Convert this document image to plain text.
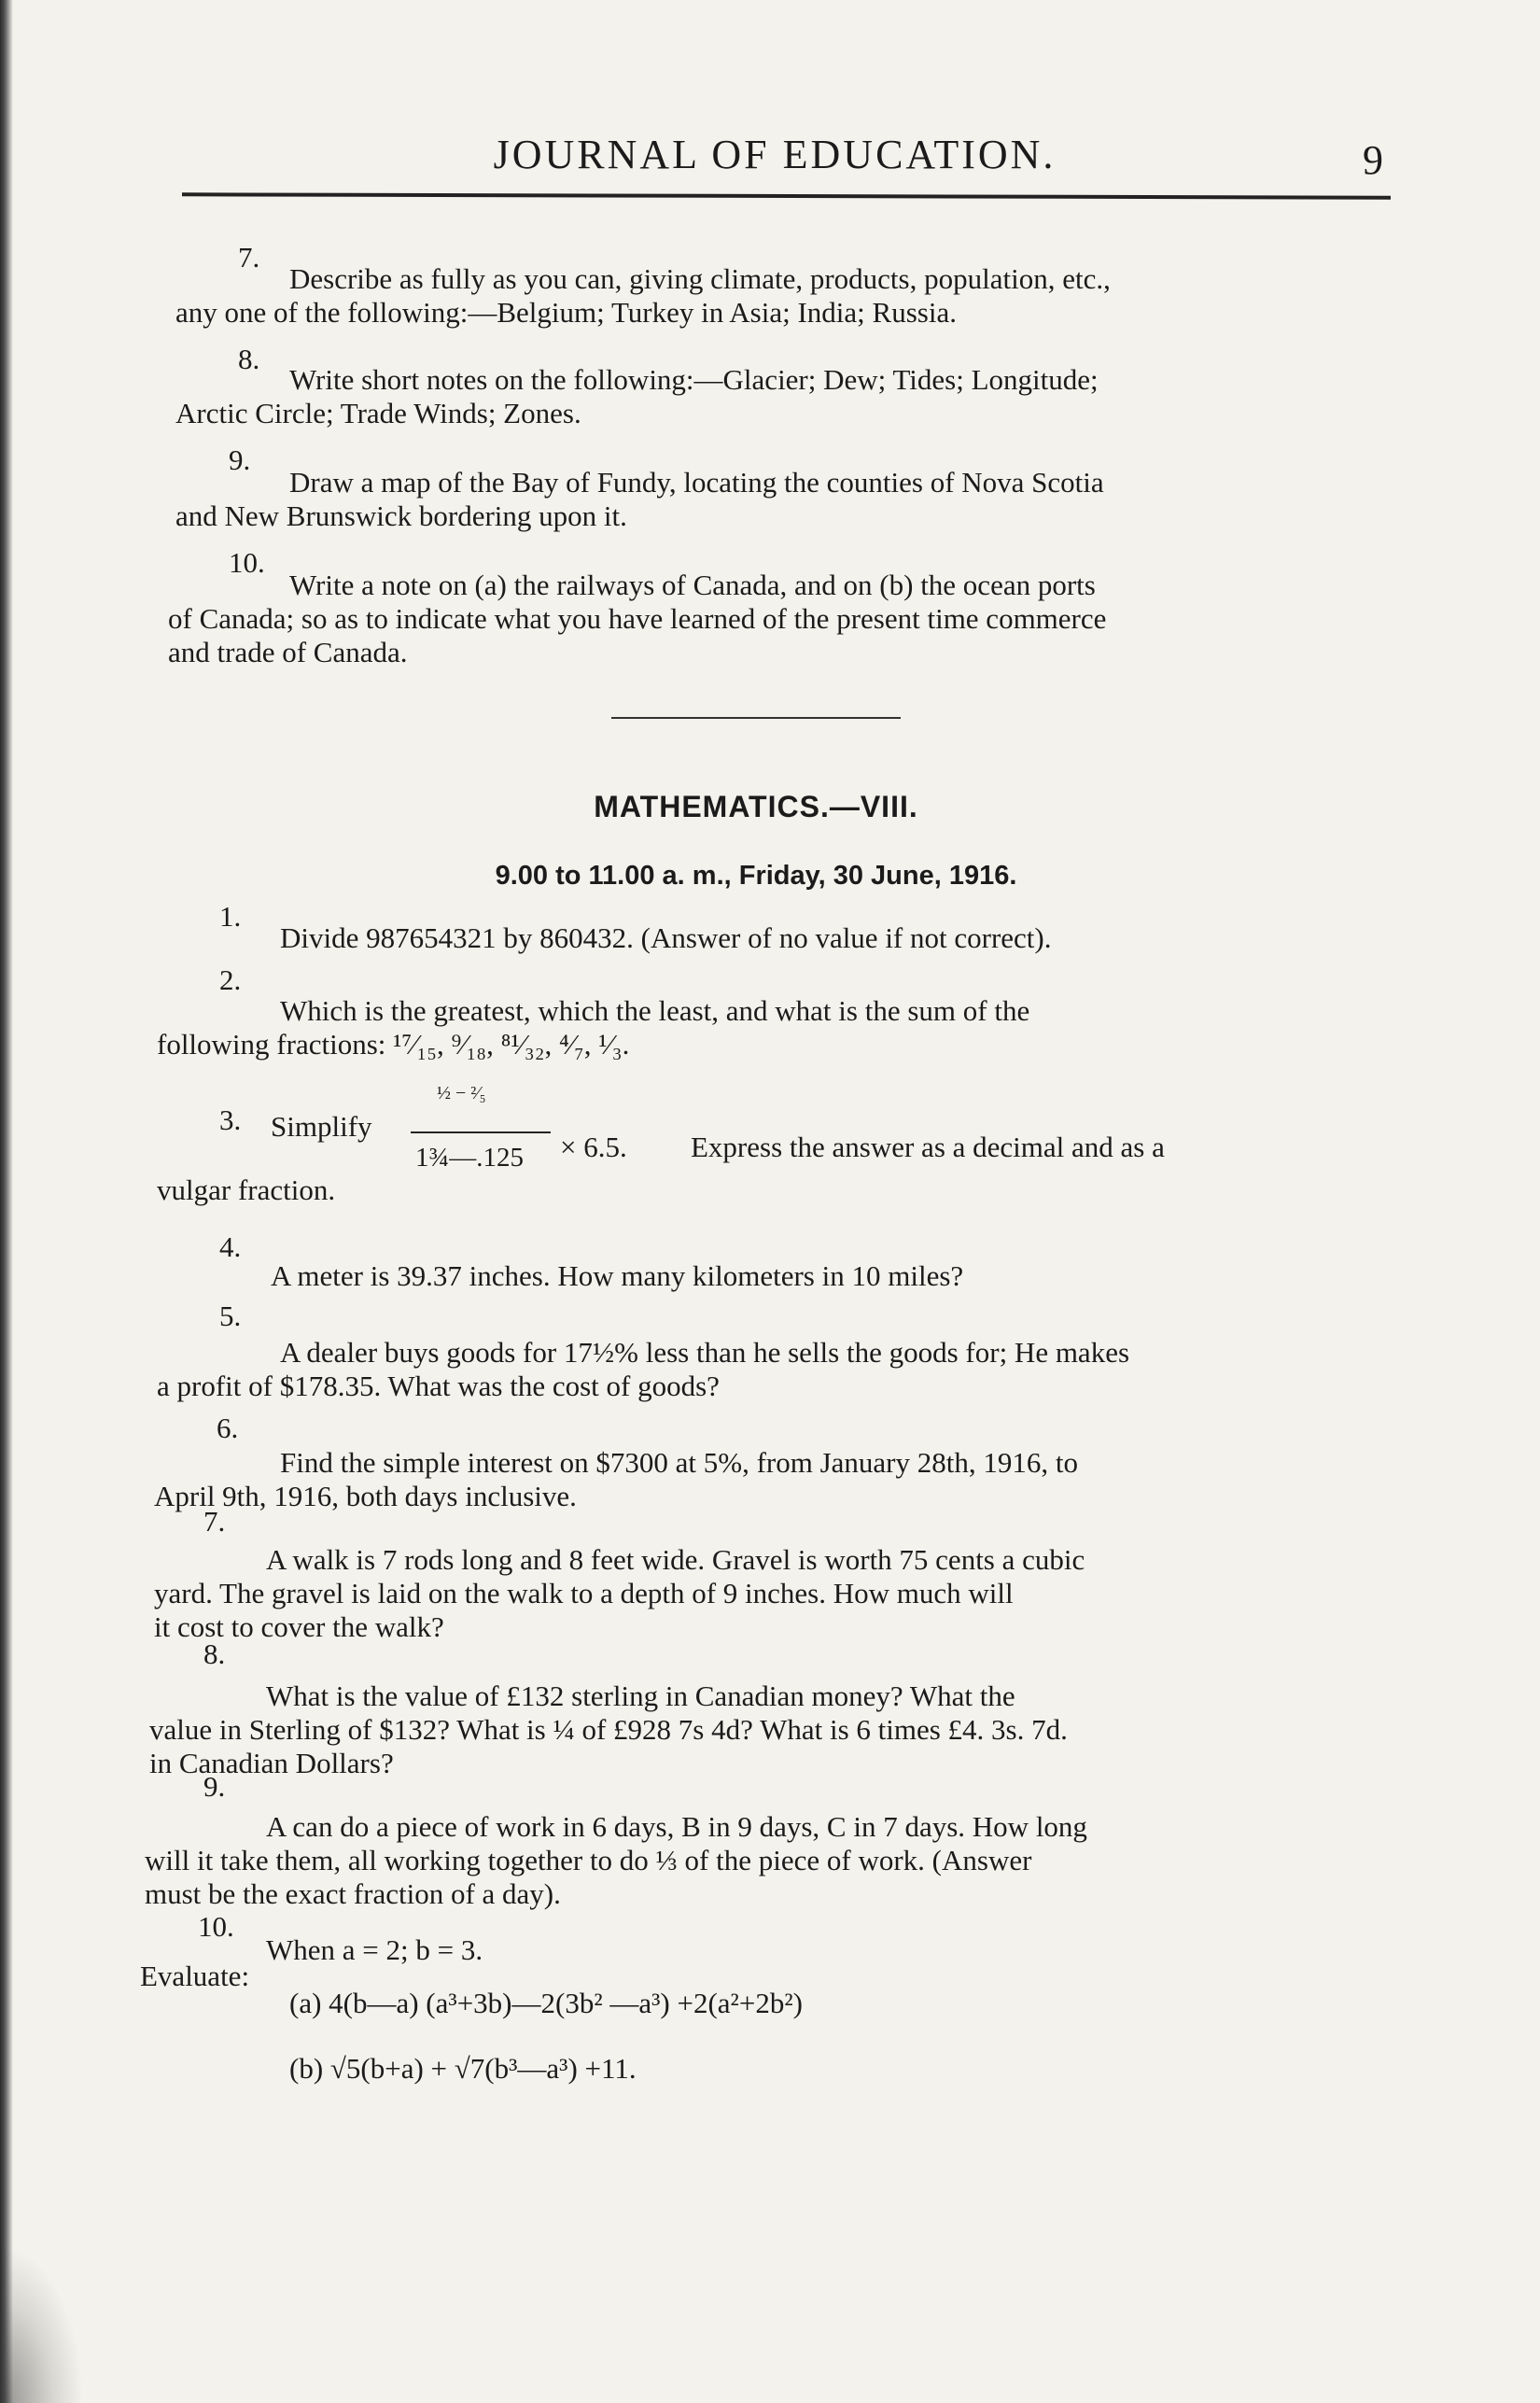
JOURNAL OF EDUCATION.	9
7.
Describe as fully as you can, giving climate, products, population, etc.,
any one of the following:—Belgium; Turkey in Asia; India; Russia.
8.
Write short notes on the following:—Glacier; Dew; Tides; Longitude;
Arctic Circle; Trade Winds; Zones.
9.
Draw a map of the Bay of Fundy, locating the counties of Nova Scotia
and New Brunswick bordering upon it.
10.
Write a note on (a) the railways of Canada, and on (b) the ocean ports
of Canada; so as to indicate what you have learned of the present time commerce
and trade of Canada.
MATHEMATICS.—VIII.
9.00 to 11.00 a. m., Friday, 30 June, 1916.
1.
Divide 987654321 by 860432. (Answer of no value if not correct).
2.
Which is the greatest, which the least, and what is the sum of the
following fractions: ¹⁷⁄₁₅, ⁹⁄₁₈, ⁸¹⁄₃₂, ⁴⁄₇, ¹⁄₃.
3. Simplify
½ − ²⁄₅
1¾—.125 × 6.5. Express the answer as a decimal and as a
vulgar fraction.
4.
A meter is 39.37 inches. How many kilometers in 10 miles?
5.
A dealer buys goods for 17½% less than he sells the goods for; He makes
a profit of $178.35. What was the cost of goods?
6.
Find the simple interest on $7300 at 5%, from January 28th, 1916, to
April 9th, 1916, both days inclusive.
7.
A walk is 7 rods long and 8 feet wide. Gravel is worth 75 cents a cubic
yard. The gravel is laid on the walk to a depth of 9 inches. How much will
it cost to cover the walk?
8.
What is the value of £132 sterling in Canadian money? What the
value in Sterling of $132? What is ¼ of £928 7s 4d? What is 6 times £4. 3s. 7d.
in Canadian Dollars?
9.
A can do a piece of work in 6 days, B in 9 days, C in 7 days. How long
will it take them, all working together to do ⅓ of the piece of work. (Answer
must be the exact fraction of a day).
10.
When a = 2; b = 3.
Evaluate:
(a) 4(b—a) (a³+3b)—2(3b² —a³) +2(a²+2b²)
(b) √5(b+a) + √7(b³—a³) +11.
